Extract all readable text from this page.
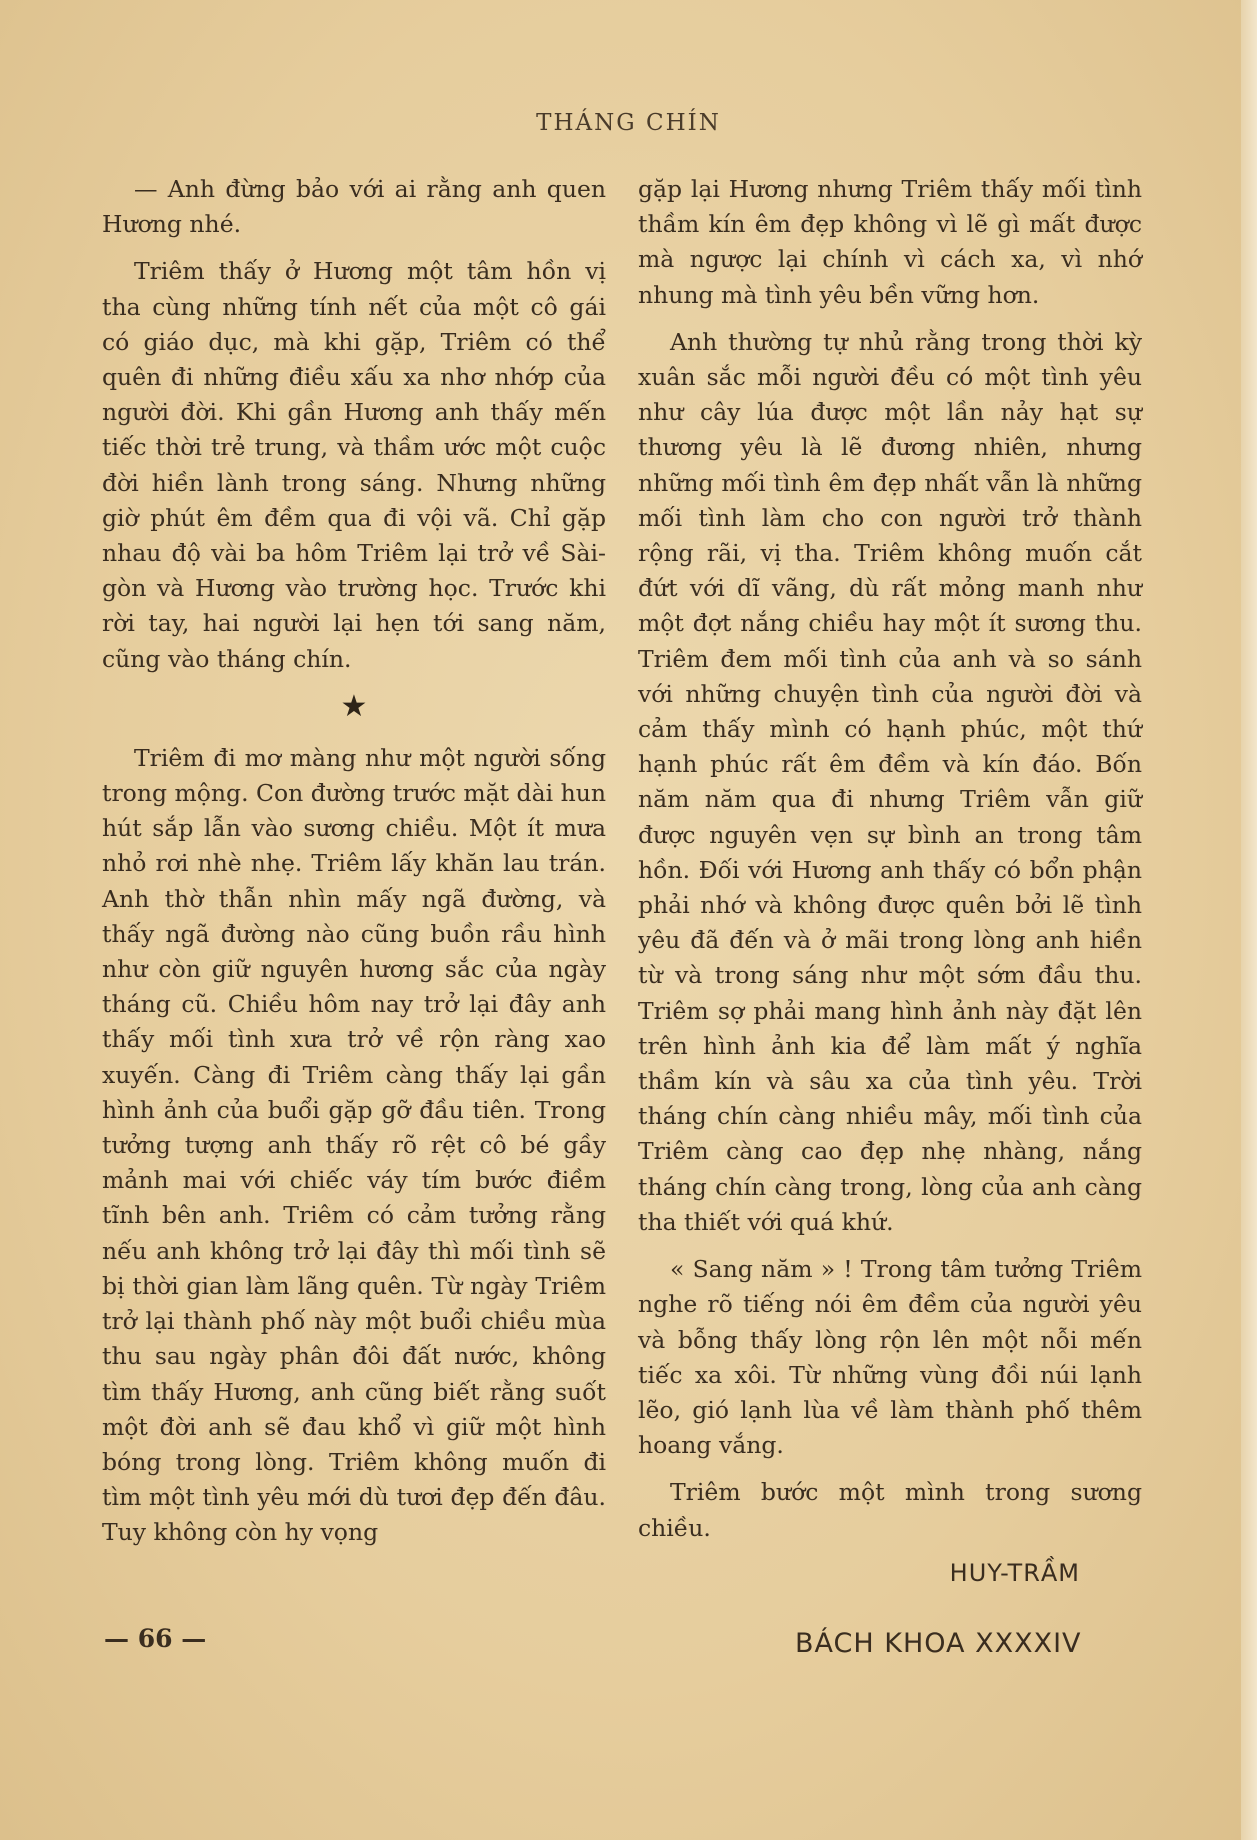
THÁNG CHÍN

— Anh đừng bảo với ai rằng anh quen Hương nhé.

Triêm thấy ở Hương một tâm hồn vị tha cùng những tính nết của một cô gái có giáo dục, mà khi gặp, Triêm có thể quên đi những điều xấu xa nhơ nhớp của người đời. Khi gần Hương anh thấy mến tiếc thời trẻ trung, và thầm ước một cuộc đời hiền lành trong sáng. Nhưng những giờ phút êm đềm qua đi vội vã. Chỉ gặp nhau độ vài ba hôm Triêm lại trở về Sài-gòn và Hương vào trường học. Trước khi rời tay, hai người lại hẹn tới sang năm, cũng vào tháng chín.

★

Triêm đi mơ màng như một người sống trong mộng. Con đường trước mặt dài hun hút sắp lẫn vào sương chiều. Một ít mưa nhỏ rơi nhè nhẹ. Triêm lấy khăn lau trán. Anh thờ thẫn nhìn mấy ngã đường, và thấy ngã đường nào cũng buồn rầu hình như còn giữ nguyên hương sắc của ngày tháng cũ. Chiều hôm nay trở lại đây anh thấy mối tình xưa trở về rộn ràng xao xuyến. Càng đi Triêm càng thấy lại gần hình ảnh của buổi gặp gỡ đầu tiên. Trong tưởng tượng anh thấy rõ rệt cô bé gầy mảnh mai với chiếc váy tím bước điềm tĩnh bên anh. Triêm có cảm tưởng rằng nếu anh không trở lại đây thì mối tình sẽ bị thời gian làm lãng quên. Từ ngày Triêm trở lại thành phố này một buổi chiều mùa thu sau ngày phân đôi đất nước, không tìm thấy Hương, anh cũng biết rằng suốt một đời anh sẽ đau khổ vì giữ một hình bóng trong lòng. Triêm không muốn đi tìm một tình yêu mới dù tươi đẹp đến đâu. Tuy không còn hy vọng

gặp lại Hương nhưng Triêm thấy mối tình thầm kín êm đẹp không vì lẽ gì mất được mà ngược lại chính vì cách xa, vì nhớ nhung mà tình yêu bền vững hơn.

Anh thường tự nhủ rằng trong thời kỳ xuân sắc mỗi người đều có một tình yêu như cây lúa được một lần nảy hạt sự thương yêu là lẽ đương nhiên, nhưng những mối tình êm đẹp nhất vẫn là những mối tình làm cho con người trở thành rộng rãi, vị tha. Triêm không muốn cắt đứt với dĩ vãng, dù rất mỏng manh như một đợt nắng chiều hay một ít sương thu. Triêm đem mối tình của anh và so sánh với những chuyện tình của người đời và cảm thấy mình có hạnh phúc, một thứ hạnh phúc rất êm đềm và kín đáo. Bốn năm năm qua đi nhưng Triêm vẫn giữ được nguyên vẹn sự bình an trong tâm hồn. Đối với Hương anh thấy có bổn phận phải nhớ và không được quên bởi lẽ tình yêu đã đến và ở mãi trong lòng anh hiền từ và trong sáng như một sớm đầu thu. Triêm sợ phải mang hình ảnh này đặt lên trên hình ảnh kia để làm mất ý nghĩa thầm kín và sâu xa của tình yêu. Trời tháng chín càng nhiều mây, mối tình của Triêm càng cao đẹp nhẹ nhàng, nắng tháng chín càng trong, lòng của anh càng tha thiết với quá khứ.

« Sang năm » ! Trong tâm tưởng Triêm nghe rõ tiếng nói êm đềm của người yêu và bỗng thấy lòng rộn lên một nỗi mến tiếc xa xôi. Từ những vùng đồi núi lạnh lẽo, gió lạnh lùa về làm thành phố thêm hoang vắng.

Triêm bước một mình trong sương chiều.

HUY-TRẦM
— 66 —	BÁCH KHOA XXXXIV
